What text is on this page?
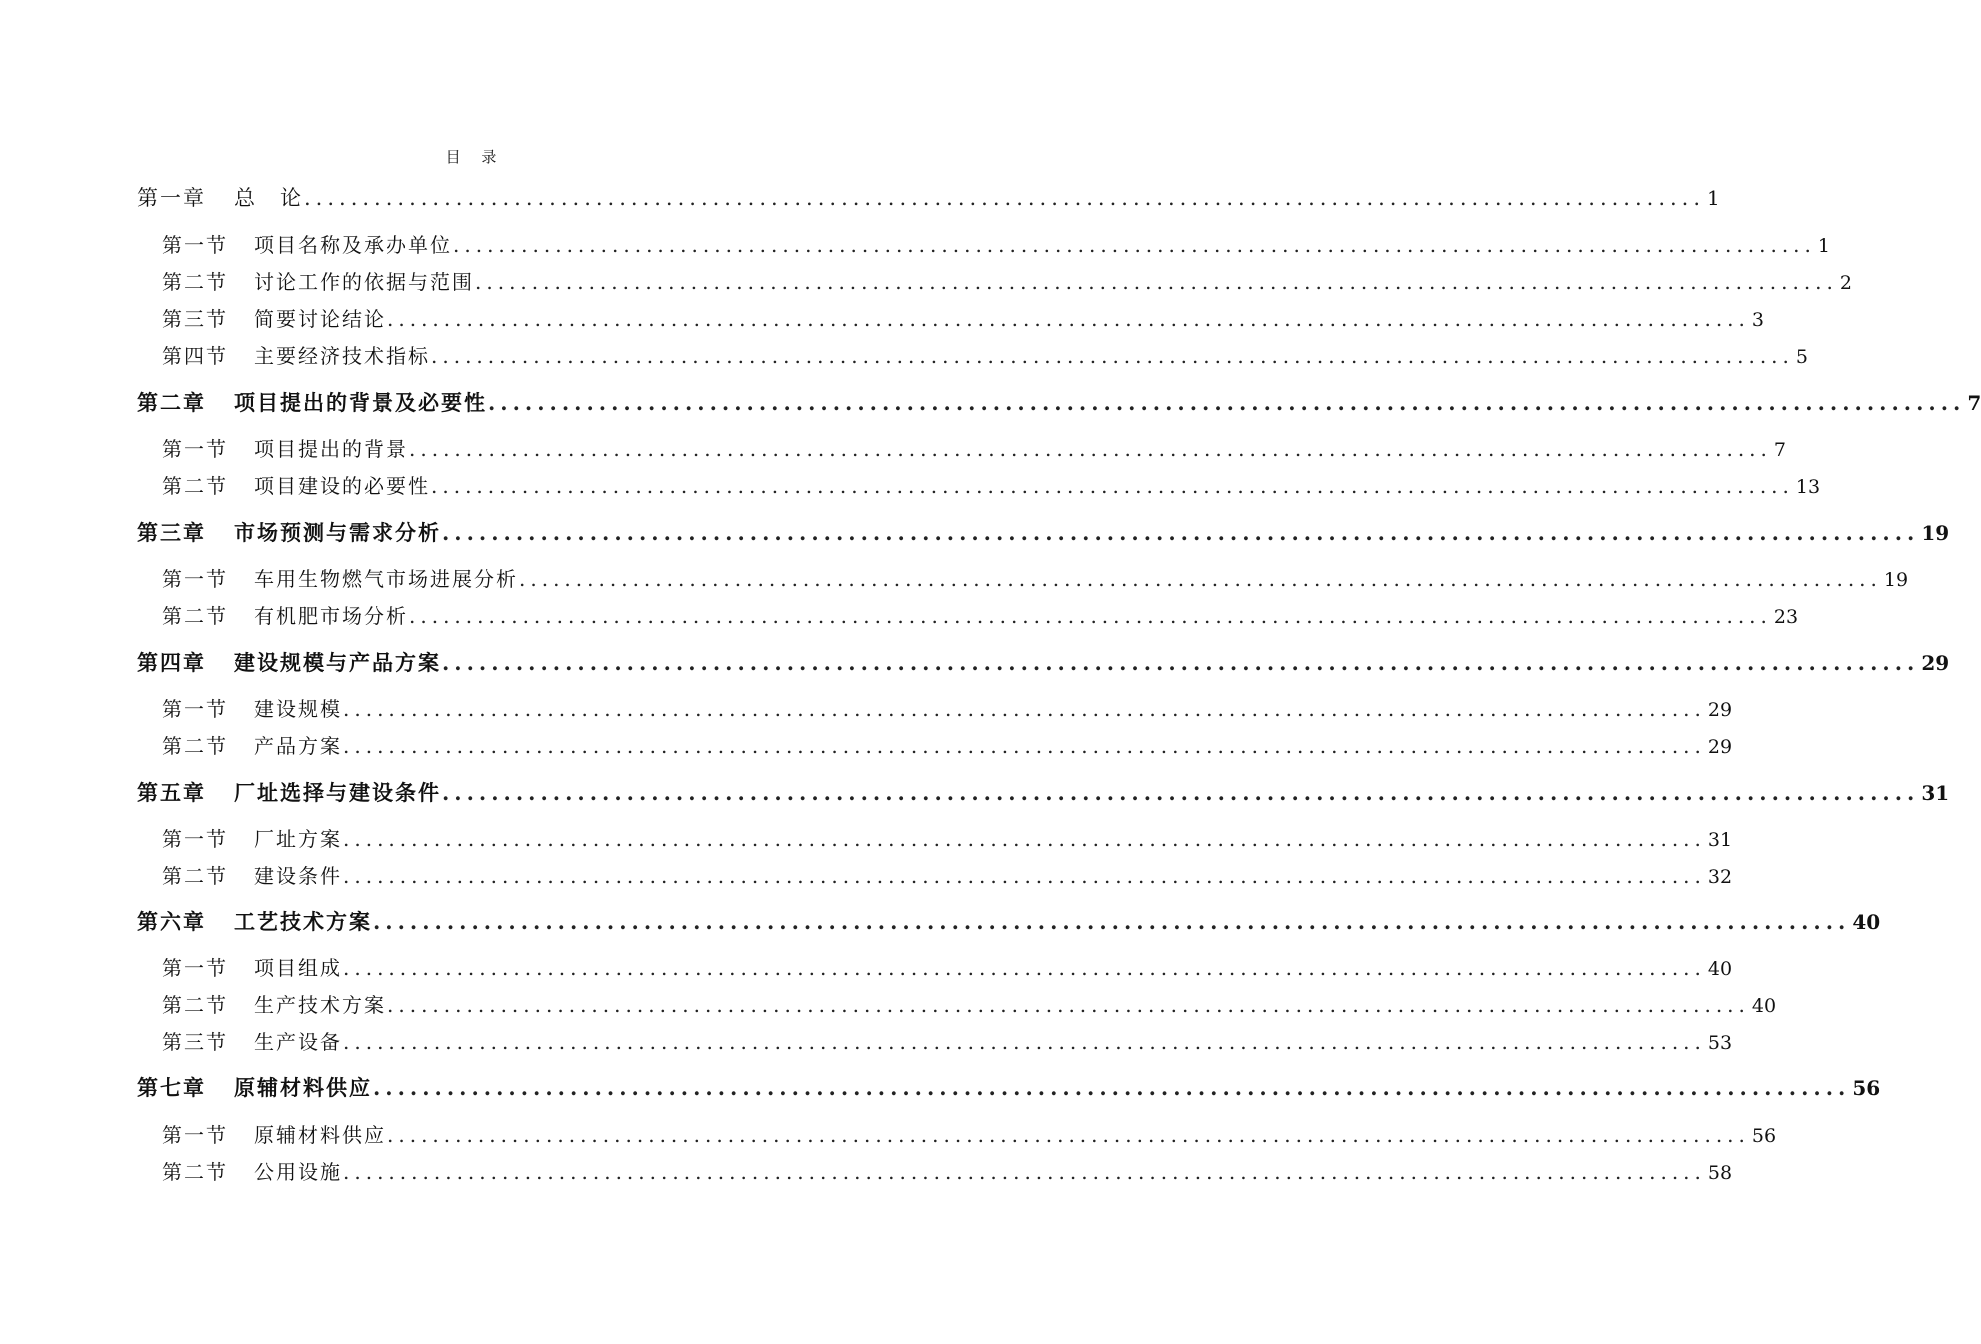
目 录
第一章 总　论 ........................................................................................................................ 1
第一节 项目名称及承办单位 ........................................................................................................................ 1
第二节 讨论工作的依据与范围 ........................................................................................................................ 2
第三节 简要讨论结论 ........................................................................................................................ 3
第四节 主要经济技术指标 ........................................................................................................................ 5
第二章 项目提出的背景及必要性 ........................................................................................................................ 7
第一节 项目提出的背景 ........................................................................................................................ 7
第二节 项目建设的必要性 ........................................................................................................................ 13
第三章 市场预测与需求分析 ........................................................................................................................ 19
第一节 车用生物燃气市场进展分析 ........................................................................................................................ 19
第二节 有机肥市场分析 ........................................................................................................................ 23
第四章 建设规模与产品方案 ........................................................................................................................ 29
第一节 建设规模 ........................................................................................................................ 29
第二节 产品方案 ........................................................................................................................ 29
第五章 厂址选择与建设条件 ........................................................................................................................ 31
第一节 厂址方案 ........................................................................................................................ 31
第二节 建设条件 ........................................................................................................................ 32
第六章 工艺技术方案 ........................................................................................................................ 40
第一节 项目组成 ........................................................................................................................ 40
第二节 生产技术方案 ........................................................................................................................ 40
第三节 生产设备 ........................................................................................................................ 53
第七章 原辅材料供应 ........................................................................................................................ 56
第一节 原辅材料供应 ........................................................................................................................ 56
第二节 公用设施 ........................................................................................................................ 58
